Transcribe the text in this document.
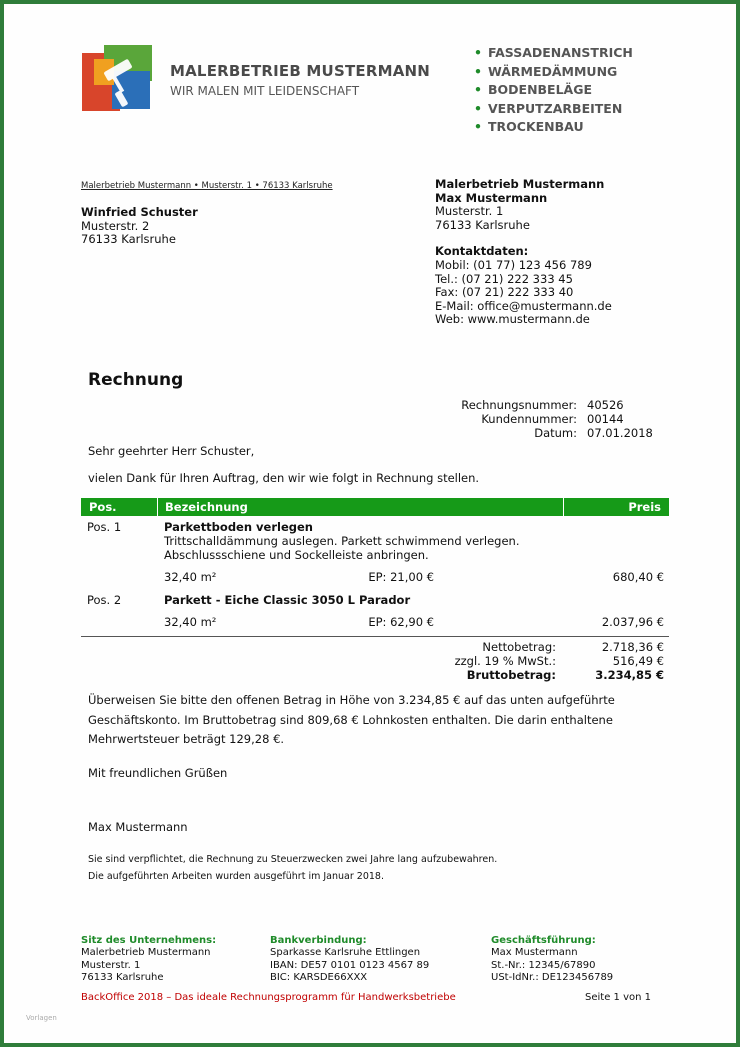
MALERBETRIEB MUSTERMANN
WIR MALEN MIT LEIDENSCHAFT
• FASSADENANSTRICH
• WÄRMEDÄMMUNG
• BODENBELÄGE
• VERPUTZARBEITEN
• TROCKENBAU
Malerbetrieb Mustermann • Musterstr. 1 • 76133 Karlsruhe
Winfried Schuster
Musterstr. 2
76133 Karlsruhe
Malerbetrieb Mustermann
Max Mustermann
Musterstr. 1
76133 Karlsruhe
Kontaktdaten:
Mobil: (01 77) 123 456 789
Tel.: (07 21) 222 333 45
Fax: (07 21) 222 333 40
E-Mail: office@mustermann.de
Web: www.mustermann.de
Rechnung
Rechnungsnummer: 40526
Kundennummer: 00144
Datum: 07.01.2018
Sehr geehrter Herr Schuster,
vielen Dank für Ihren Auftrag, den wir wie folgt in Rechnung stellen.
Pos.	Bezeichnung	Preis
Pos. 1	Parkettboden verlegen
Trittschalldämmung auslegen. Parkett schwimmend verlegen.
Abschlussschiene und Sockelleiste anbringen.
32,40 m²	EP: 21,00 €	680,40 €
Pos. 2	Parkett - Eiche Classic 3050 L Parador
32,40 m²	EP: 62,90 €	2.037,96 €
Nettobetrag:	2.718,36 €
zzgl. 19 % MwSt.:	516,49 €
Bruttobetrag:	3.234,85 €
Überweisen Sie bitte den offenen Betrag in Höhe von 3.234,85 € auf das unten aufgeführte
Geschäftskonto. Im Bruttobetrag sind 809,68 € Lohnkosten enthalten. Die darin enthaltene
Mehrwertsteuer beträgt 129,28 €.
Mit freundlichen Grüßen
Max Mustermann
Sie sind verpflichtet, die Rechnung zu Steuerzwecken zwei Jahre lang aufzubewahren.
Die aufgeführten Arbeiten wurden ausgeführt im Januar 2018.
Sitz des Unternehmens:
Malerbetrieb Mustermann
Musterstr. 1
76133 Karlsruhe
Bankverbindung:
Sparkasse Karlsruhe Ettlingen
IBAN: DE57 0101 0123 4567 89
BIC: KARSDE66XXX
Geschäftsführung:
Max Mustermann
St.-Nr.: 12345/67890
USt-IdNr.: DE123456789
BackOffice 2018 – Das ideale Rechnungsprogramm für Handwerksbetriebe	Seite 1 von 1
Vorlagen
